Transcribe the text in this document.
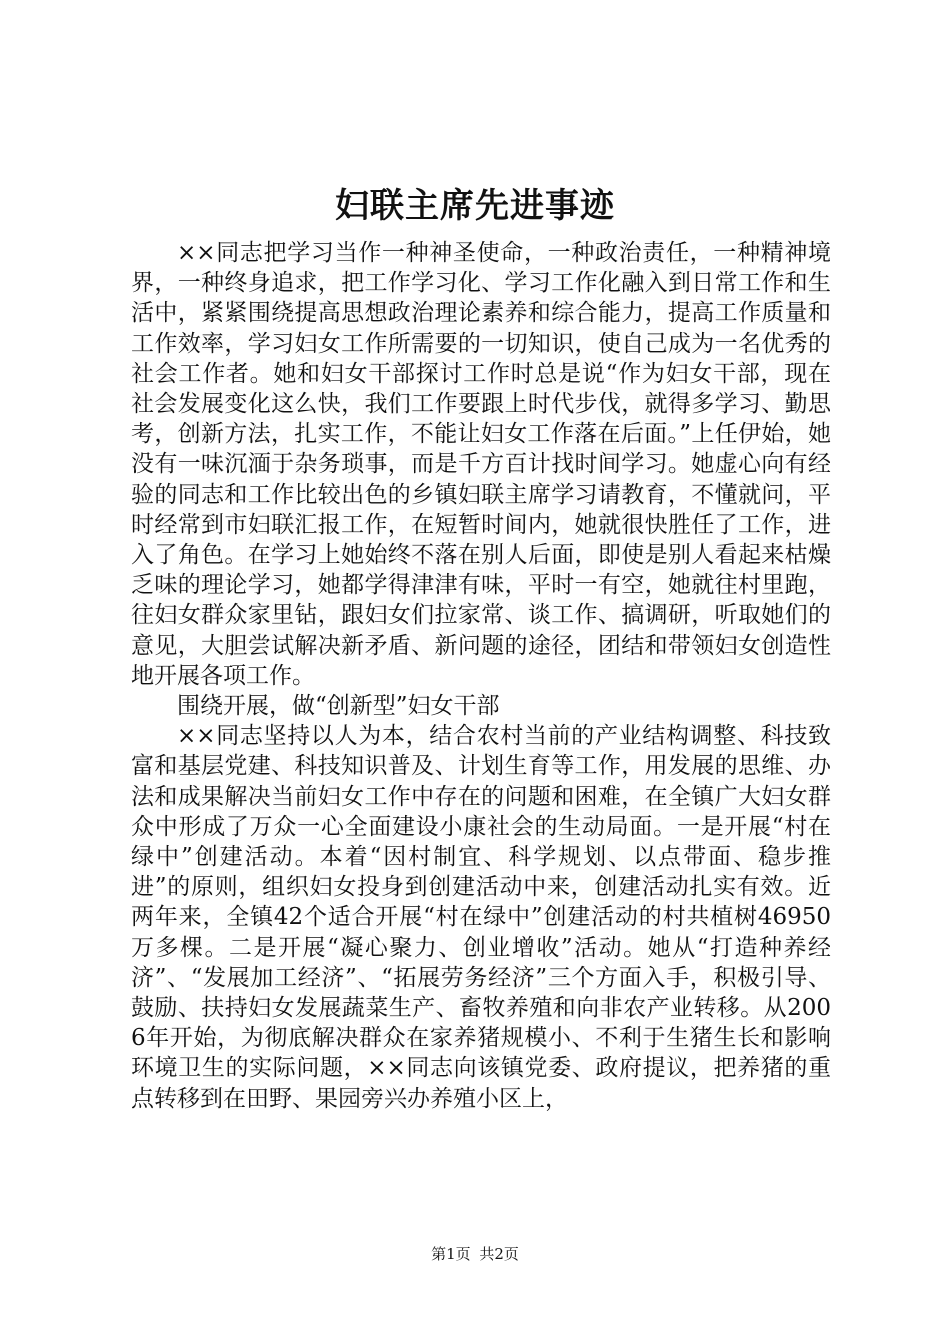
妇联主席先进事迹

××同志把学习当作一种神圣使命，一种政治责任，一种精神境界，一种终身追求，把工作学习化、学习工作化融入到日常工作和生活中，紧紧围绕提高思想政治理论素养和综合能力，提高工作质量和工作效率，学习妇女工作所需要的一切知识，使自己成为一名优秀的社会工作者。她和妇女干部探讨工作时总是说“作为妇女干部，现在社会发展变化这么快，我们工作要跟上时代步伐，就得多学习、勤思考，创新方法，扎实工作，不能让妇女工作落在后面。”上任伊始，她没有一味沉湎于杂务琐事，而是千方百计找时间学习。她虚心向有经验的同志和工作比较出色的乡镇妇联主席学习请教育，不懂就问，平时经常到市妇联汇报工作，在短暂时间内，她就很快胜任了工作，进入了角色。在学习上她始终不落在别人后面，即使是别人看起来枯燥乏味的理论学习，她都学得津津有味，平时一有空，她就往村里跑，往妇女群众家里钻，跟妇女们拉家常、谈工作、搞调研，听取她们的意见，大胆尝试解决新矛盾、新问题的途径，团结和带领妇女创造性地开展各项工作。

围绕开展，做“创新型”妇女干部

××同志坚持以人为本，结合农村当前的产业结构调整、科技致富和基层党建、科技知识普及、计划生育等工作，用发展的思维、办法和成果解决当前妇女工作中存在的问题和困难，在全镇广大妇女群众中形成了万众一心全面建设小康社会的生动局面。一是开展“村在绿中”创建活动。本着“因村制宜、科学规划、以点带面、稳步推进”的原则，组织妇女投身到创建活动中来，创建活动扎实有效。近两年来，全镇42个适合开展“村在绿中”创建活动的村共植树46950万多棵。二是开展“凝心聚力、创业增收”活动。她从“打造种养经济”、“发展加工经济”、“拓展劳务经济”三个方面入手，积极引导、鼓励、扶持妇女发展蔬菜生产、畜牧养殖和向非农产业转移。从2006年开始，为彻底解决群众在家养猪规模小、不利于生猪生长和影响环境卫生的实际问题，××同志向该镇党委、政府提议，把养猪的重点转移到在田野、果园旁兴办养殖小区上，

第1页 共2页
